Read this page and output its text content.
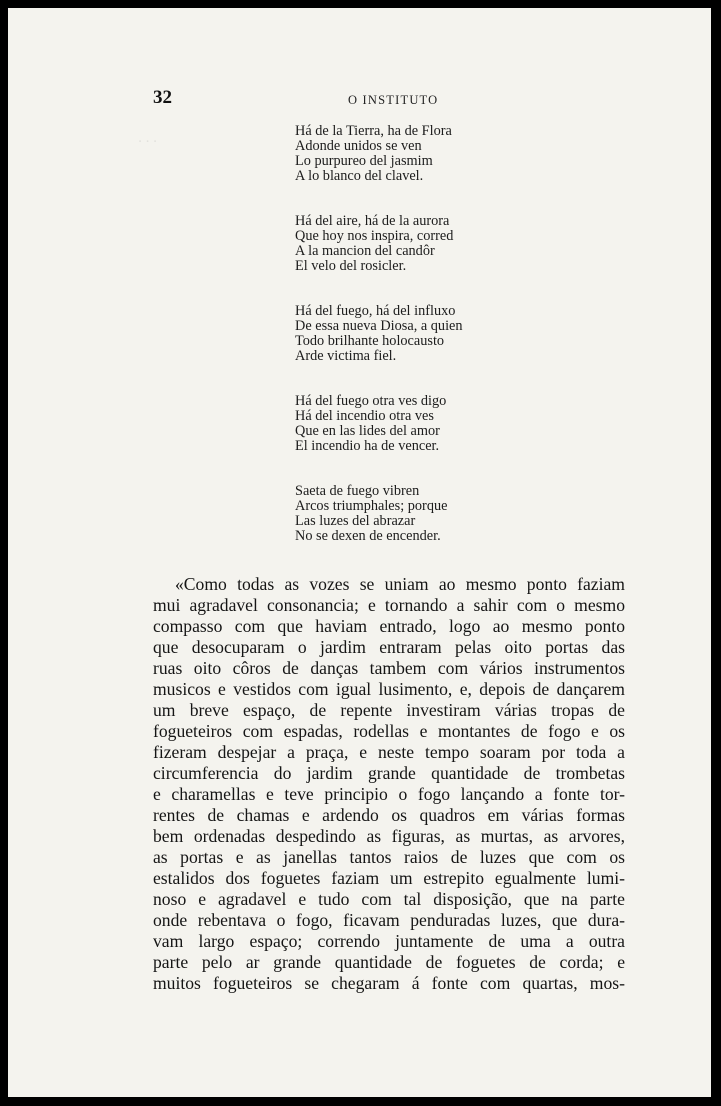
· · ·
32	O INSTITUTO
Há de la Tierra, ha de Flora
Adonde unidos se ven
Lo purpureo del jasmim
A lo blanco del clavel.
Há del aire, há de la aurora
Que hoy nos inspira, corred
A la mancion del candôr
El velo del rosicler.
Há del fuego, há del influxo
De essa nueva Diosa, a quien
Todo brilhante holocausto
Arde victima fiel.
Há del fuego otra ves digo
Há del incendio otra ves
Que en las lides del amor
El incendio ha de vencer.
Saeta de fuego vibren
Arcos triumphales; porque
Las luzes del abrazar
No se dexen de encender.
«Como todas as vozes se uniam ao mesmo ponto faziam
mui agradavel consonancia; e tornando a sahir com o mesmo
compasso com que haviam entrado, logo ao mesmo ponto
que desocuparam o jardim entraram pelas oito portas das
ruas oito côros de danças tambem com vários instrumentos
musicos e vestidos com igual lusimento, e, depois de dançarem
um breve espaço, de repente investiram várias tropas de
fogueteiros com espadas, rodellas e montantes de fogo e os
fizeram despejar a praça, e neste tempo soaram por toda a
circumferencia do jardim grande quantidade de trombetas
e charamellas e teve principio o fogo lançando a fonte tor-
rentes de chamas e ardendo os quadros em várias formas
bem ordenadas despedindo as figuras, as murtas, as arvores,
as portas e as janellas tantos raios de luzes que com os
estalidos dos foguetes faziam um estrepito egualmente lumi-
noso e agradavel e tudo com tal disposição, que na parte
onde rebentava o fogo, ficavam penduradas luzes, que dura-
vam largo espaço; correndo juntamente de uma a outra
parte pelo ar grande quantidade de foguetes de corda; e
muitos fogueteiros se chegaram á fonte com quartas, mos-
